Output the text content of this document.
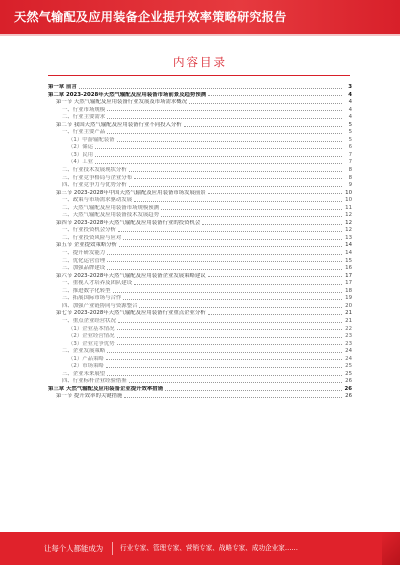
天然气输配及应用装备企业提升效率策略研究报告
内容目录
第一章 前言	3
第二章 2023-2028年天然气输配及应用装备市场前景及趋势预测	4
第一节 天然气输配及应用装备行业发展及市场需求概况	4
一、行业市场规模	4
二、行业主要需求	4
第二节 我国天然气输配及应用装备行业不同投入分析	5
一、行业主要产品	5
（1）中游输配装备	5
（2）储运	6
（3）民用	7
（4）工业	7
二、行业技术发展现状分析	8
三、行业竞争格局与企业分布	8
四、行业竞争力与优势分析	9
第三节 2023-2028年中国天然气输配及应用装备市场发展前景	10
一、政策与市场需求驱动发展	10
二、天然气输配及应用装备市场规模预测	11
三、天然气输配及应用装备技术发展趋势	12
第四节 2023-2028年天然气输配及应用装备行业的投资机会	12
一、行业投资机会分析	12
二、行业投资风险与应对	13
第五节 企业提效策略分析	14
一、提升研发能力	14
二、优化运营管理	15
三、加强品牌建设	16
第六节 2023-2028年天然气输配及应用装备企业发展策略建议	17
一、重视人才培养及团队建设	17
二、推进数字化转型	18
三、拓展国际市场与合作	19
四、加强产业链协同与资源整合	20
第七节 2023-2028年天然气输配及应用装备行业重点企业分析	21
一、重点企业经营状况	21
（1）企业基本情况	22
（2）企业经营情况	23
（3）企业竞争优势	23
二、企业发展策略	24
（1）产品策略	24
（2）市场策略	25
三、企业未来展望	25
四、行业标杆企业经验借鉴	26
第三章 天然气输配及应用装备企业提升效率措施	26
第一节 提升效率的关键措施	26
让每个人都能成为	行业专家、管理专家、营销专家、战略专家、成功企业家……
